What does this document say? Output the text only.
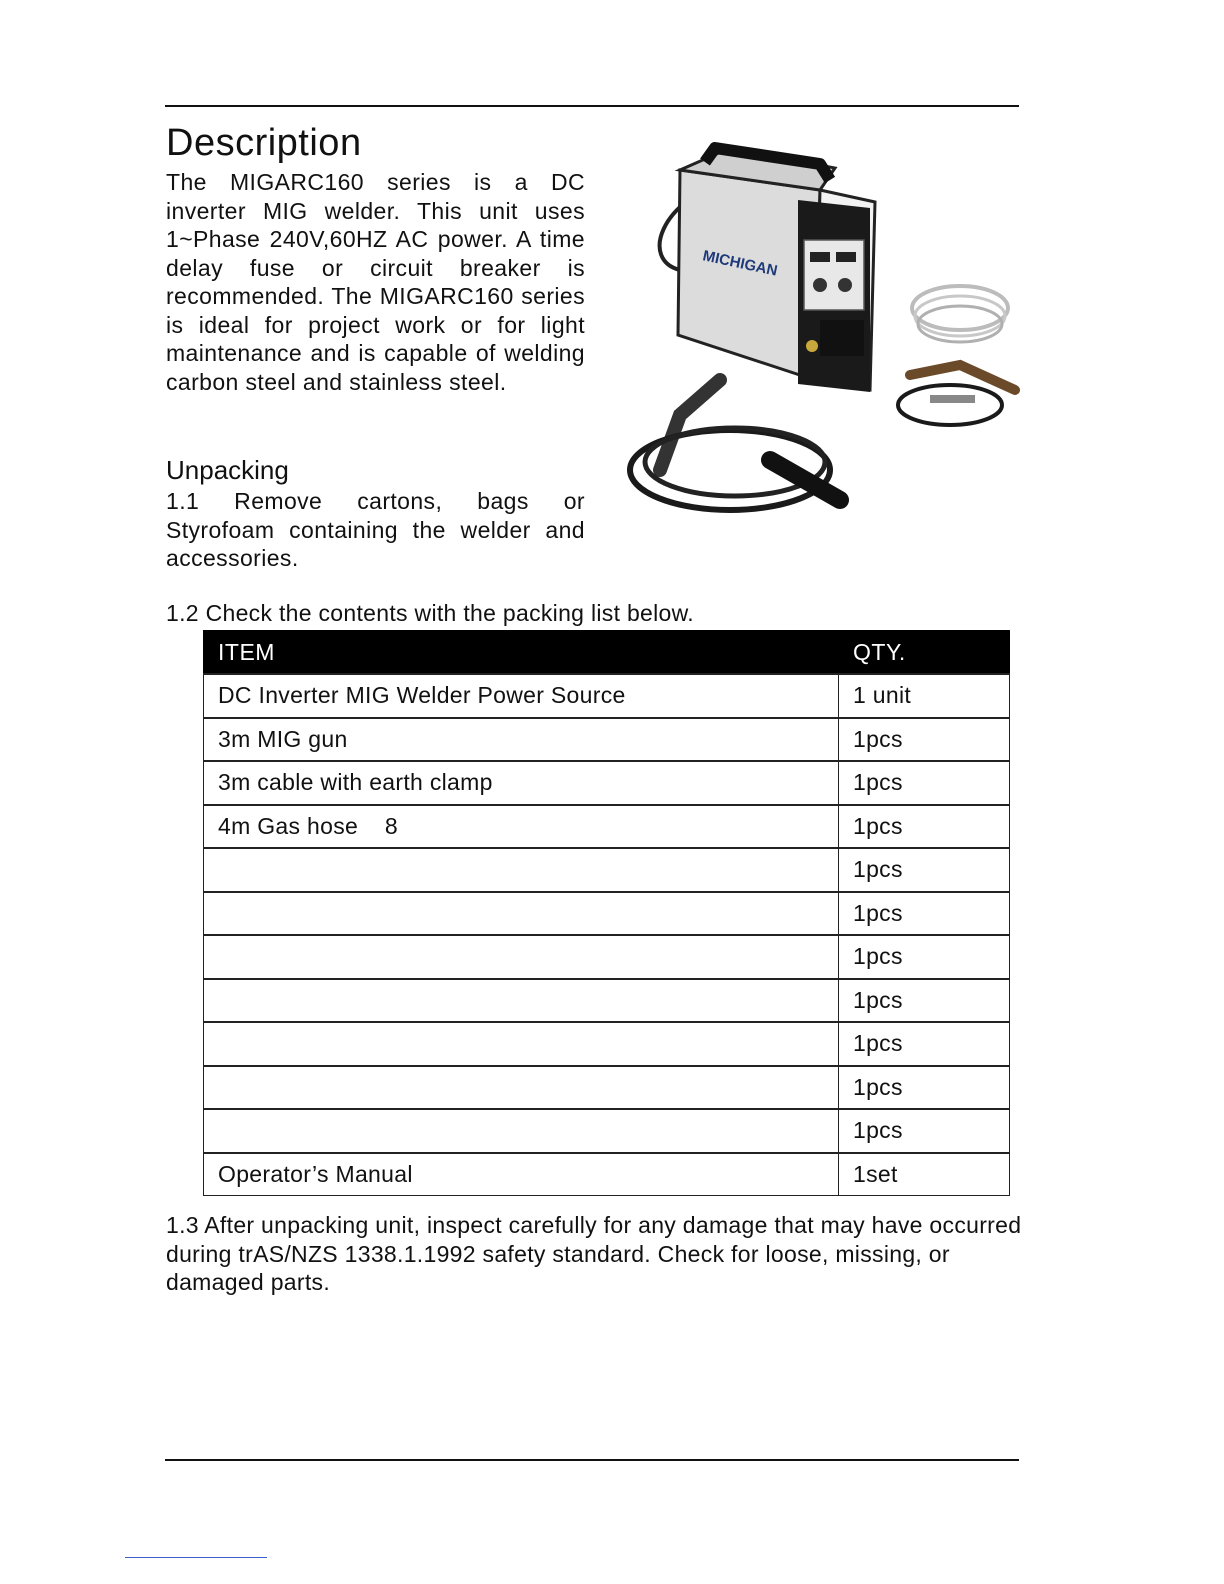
Description

The MIGARC160 series is a DC inverter MIG welder. This unit uses 1~Phase 240V,60HZ AC power. A time delay fuse or circuit breaker is recommended. The MIGARC160 series is ideal for project work or for light maintenance and is capable of welding carbon steel and stainless steel.

MICHIGAN
Unpacking

1.1 Remove cartons, bags or Styrofoam containing the welder and accessories.

1.2 Check the contents with the packing list below.

ITEM	QTY.
DC Inverter MIG Welder Power Source	1 unit
3m MIG gun	1pcs
3m cable with earth clamp	1pcs
4m Gas hose    8	1pcs
	1pcs
	1pcs
	1pcs
	1pcs
	1pcs
	1pcs
	1pcs
Operator’s Manual	1set

1.3 After unpacking unit, inspect carefully for any damage that may have occurred during trAS/NZS 1338.1.1992 safety standard. Check for loose, missing, or damaged parts.
